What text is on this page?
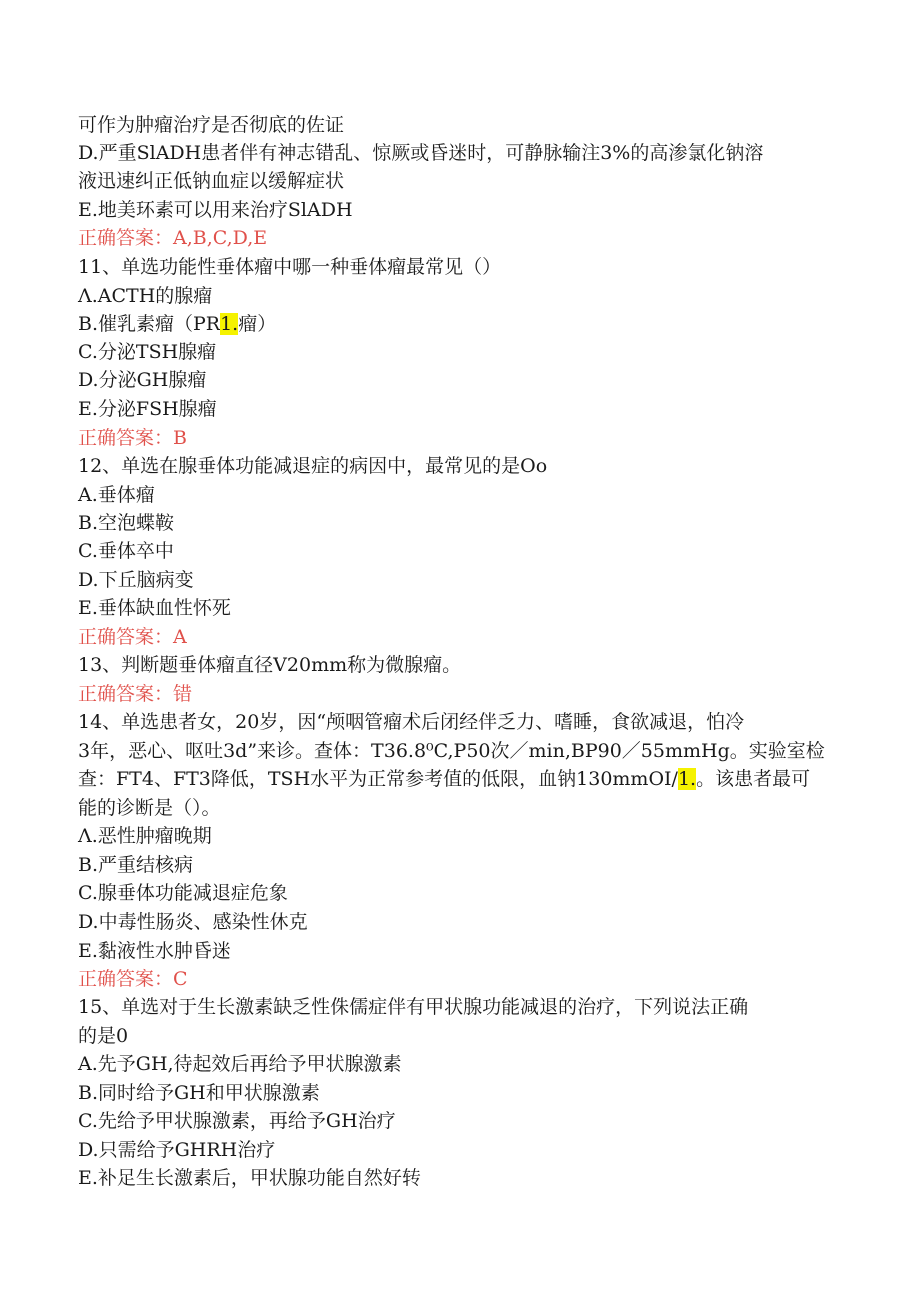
可作为肿瘤治疗是否彻底的佐证
D.严重SlADH患者伴有神志错乱、惊厥或昏迷时，可静脉输注3%的高渗氯化钠溶
液迅速纠正低钠血症以缓解症状
E.地美环素可以用来治疗SlADH
正确答案：A,B,C,D,E
11、单选功能性垂体瘤中哪一种垂体瘤最常见（）
Λ.ACTH的腺瘤
B.催乳素瘤（PR1.瘤）
C.分泌TSH腺瘤
D.分泌GH腺瘤
E.分泌FSH腺瘤
正确答案：B
12、单选在腺垂体功能减退症的病因中，最常见的是Oo
A.垂体瘤
B.空泡蝶鞍
C.垂体卒中
D.下丘脑病变
E.垂体缺血性怀死
正确答案：A
13、判断题垂体瘤直径V20mm称为微腺瘤。
正确答案：错
14、单选患者女，20岁，因“颅咽管瘤术后闭经伴乏力、嗜睡，食欲减退，怕冷
3年，恶心、呕吐3d”来诊。查体：T36.8⁰C,P50次／min,BP90／55mmHg。实验室检
查：FT4、FT3降低，TSH水平为正常参考值的低限，血钠130mmOI/1.。该患者最可
能的诊断是（）。
Λ.恶性肿瘤晚期
B.严重结核病
C.腺垂体功能减退症危象
D.中毒性肠炎、感染性休克
E.黏液性水肿昏迷
正确答案：C
15、单选对于生长激素缺乏性侏儒症伴有甲状腺功能减退的治疗，下列说法正确
的是0
A.先予GH,待起效后再给予甲状腺激素
B.同时给予GH和甲状腺激素
C.先给予甲状腺激素，再给予GH治疗
D.只需给予GHRH治疗
E.补足生长激素后，甲状腺功能自然好转
